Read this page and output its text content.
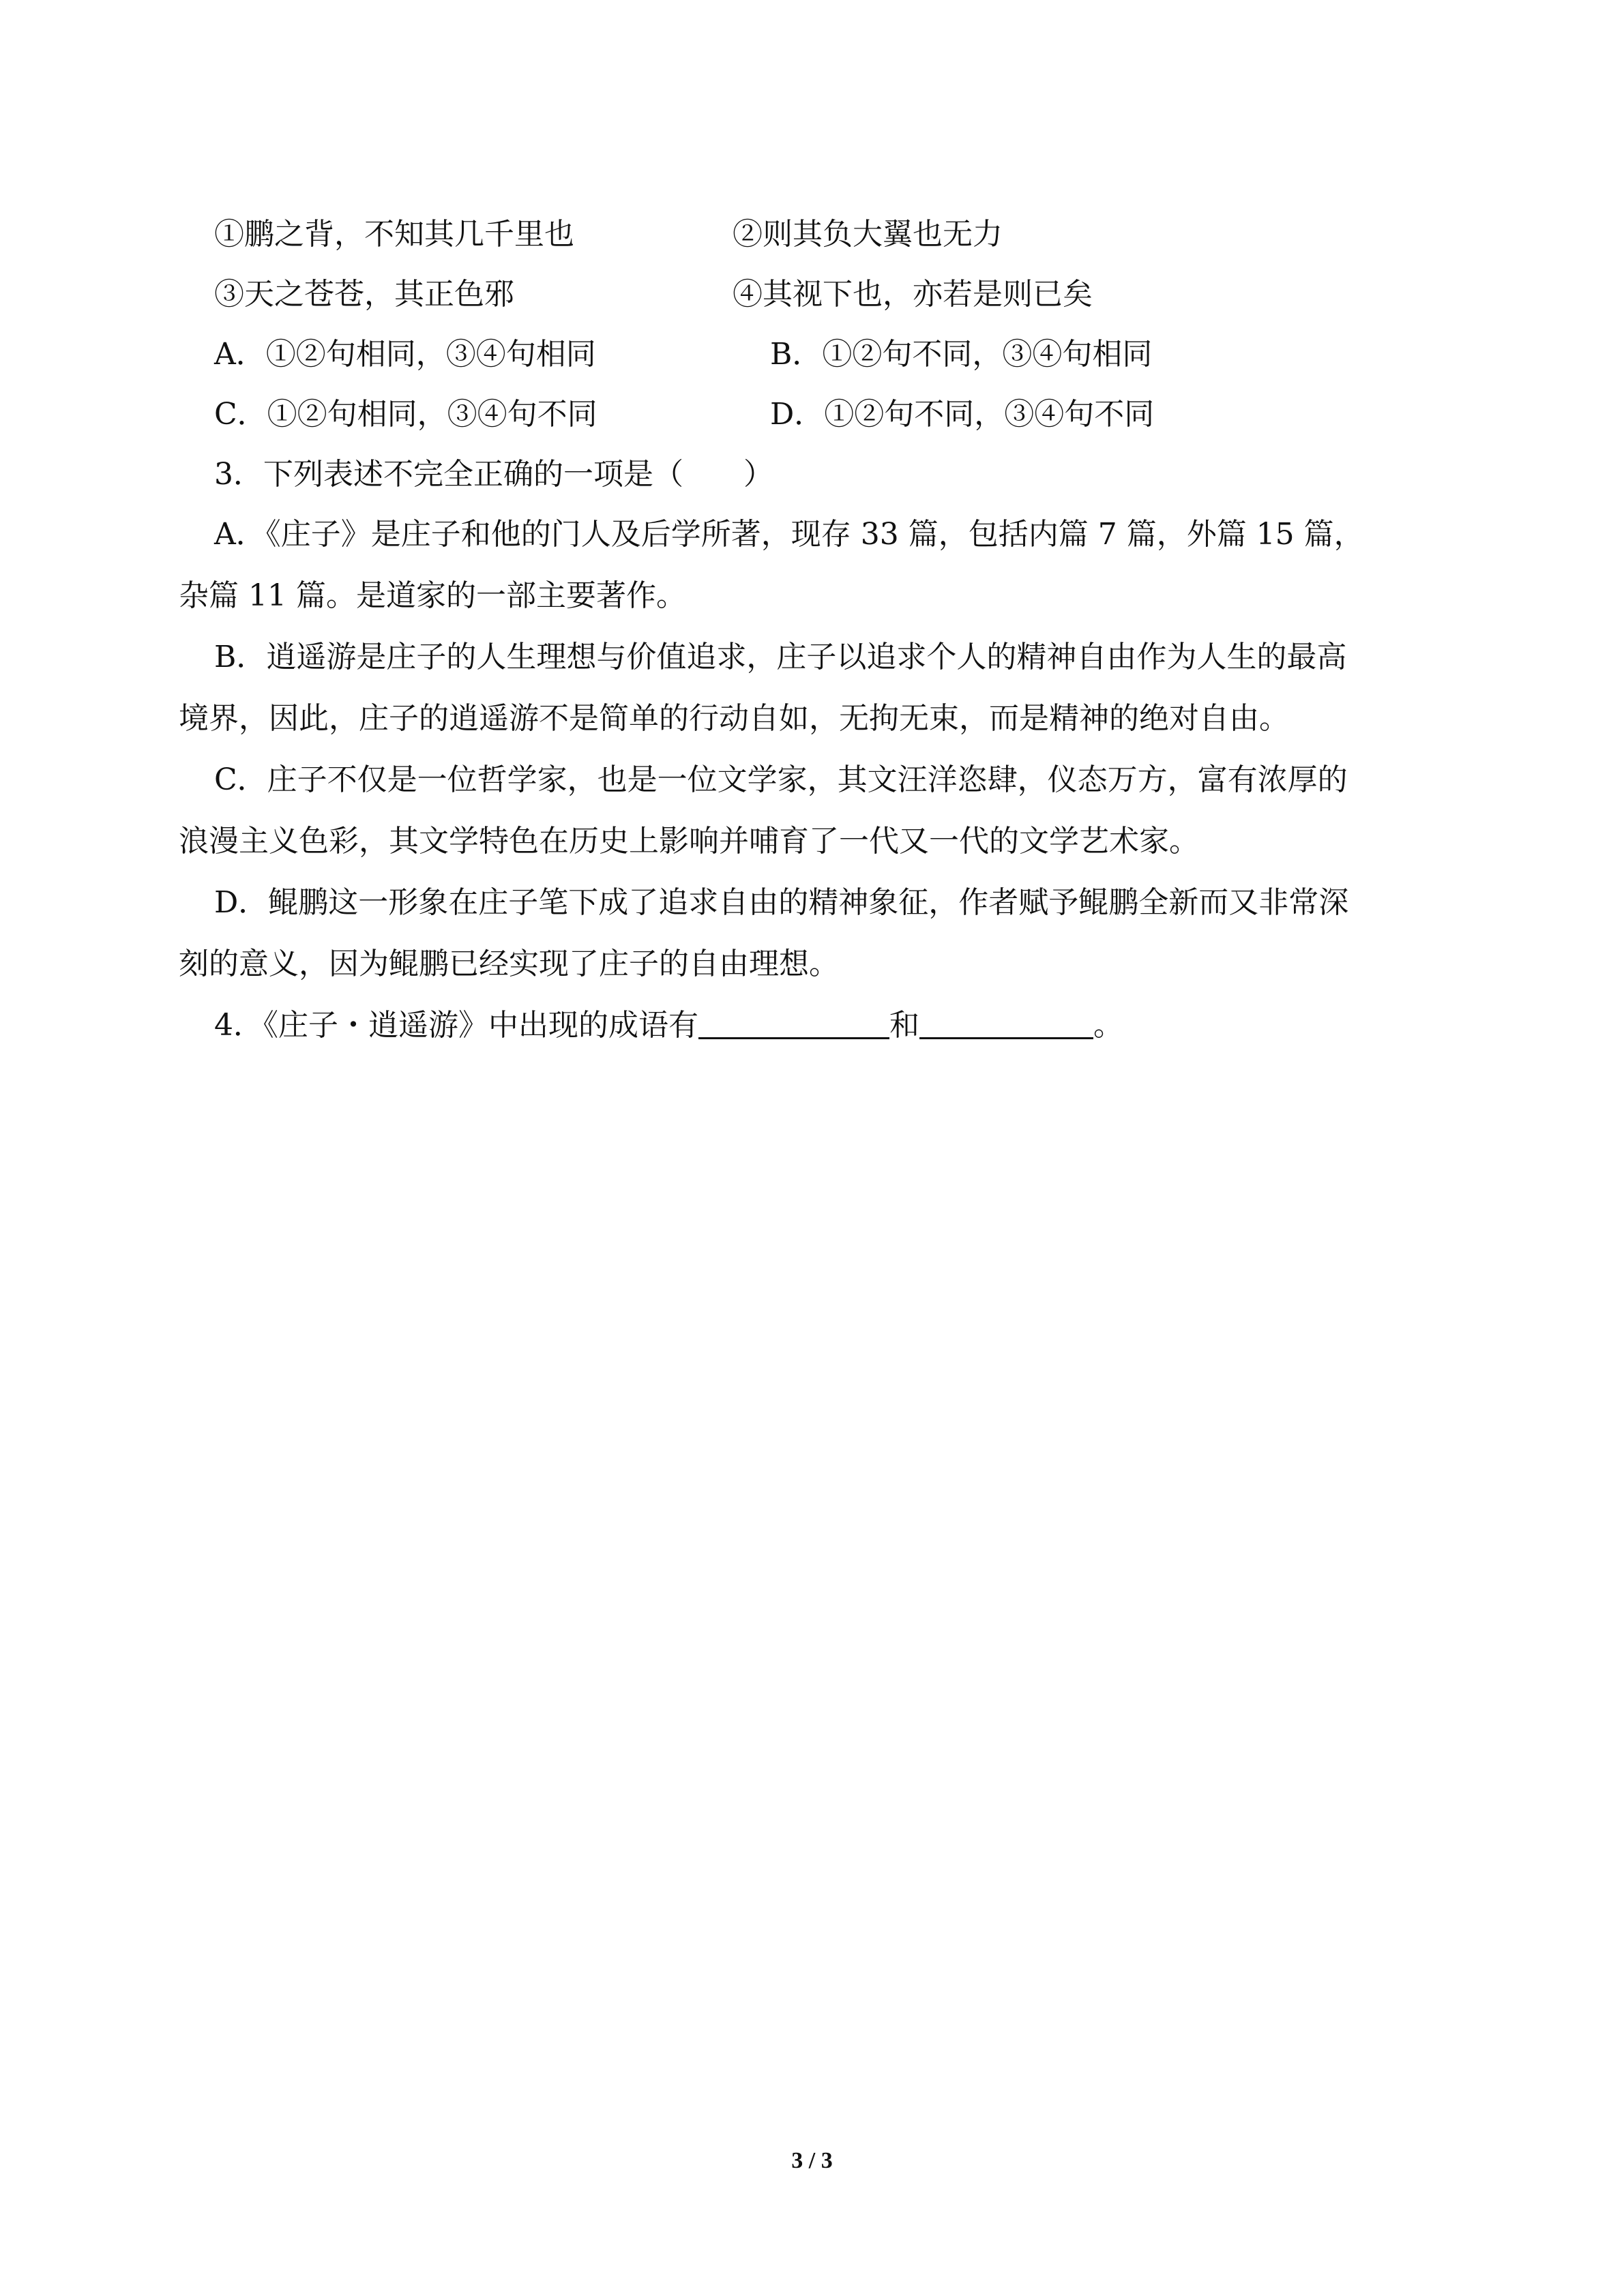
①鹏之背，不知其几千里也	②则其负大翼也无力
③天之苍苍，其正色邪	④其视下也，亦若是则已矣
A．①②句相同，③④句相同	B．①②句不同，③④句相同
C．①②句相同，③④句不同	D．①②句不同，③④句不同
3．下列表述不完全正确的一项是（　　）
A．《庄子》是庄子和他的门人及后学所著，现存 33 篇，包括内篇 7 篇，外篇 15 篇，
杂篇 11 篇。是道家的一部主要著作。
B．逍遥游是庄子的人生理想与价值追求，庄子以追求个人的精神自由作为人生的最高
境界，因此，庄子的逍遥游不是简单的行动自如，无拘无束，而是精神的绝对自由。
C．庄子不仅是一位哲学家，也是一位文学家，其文汪洋恣肆，仪态万方，富有浓厚的
浪漫主义色彩，其文学特色在历史上影响并哺育了一代又一代的文学艺术家。
D．鲲鹏这一形象在庄子笔下成了追求自由的精神象征，作者赋予鲲鹏全新而又非常深
刻的意义，因为鲲鹏已经实现了庄子的自由理想。
4．《庄子・逍遥游》中出现的成语有	和	。
3 / 3
